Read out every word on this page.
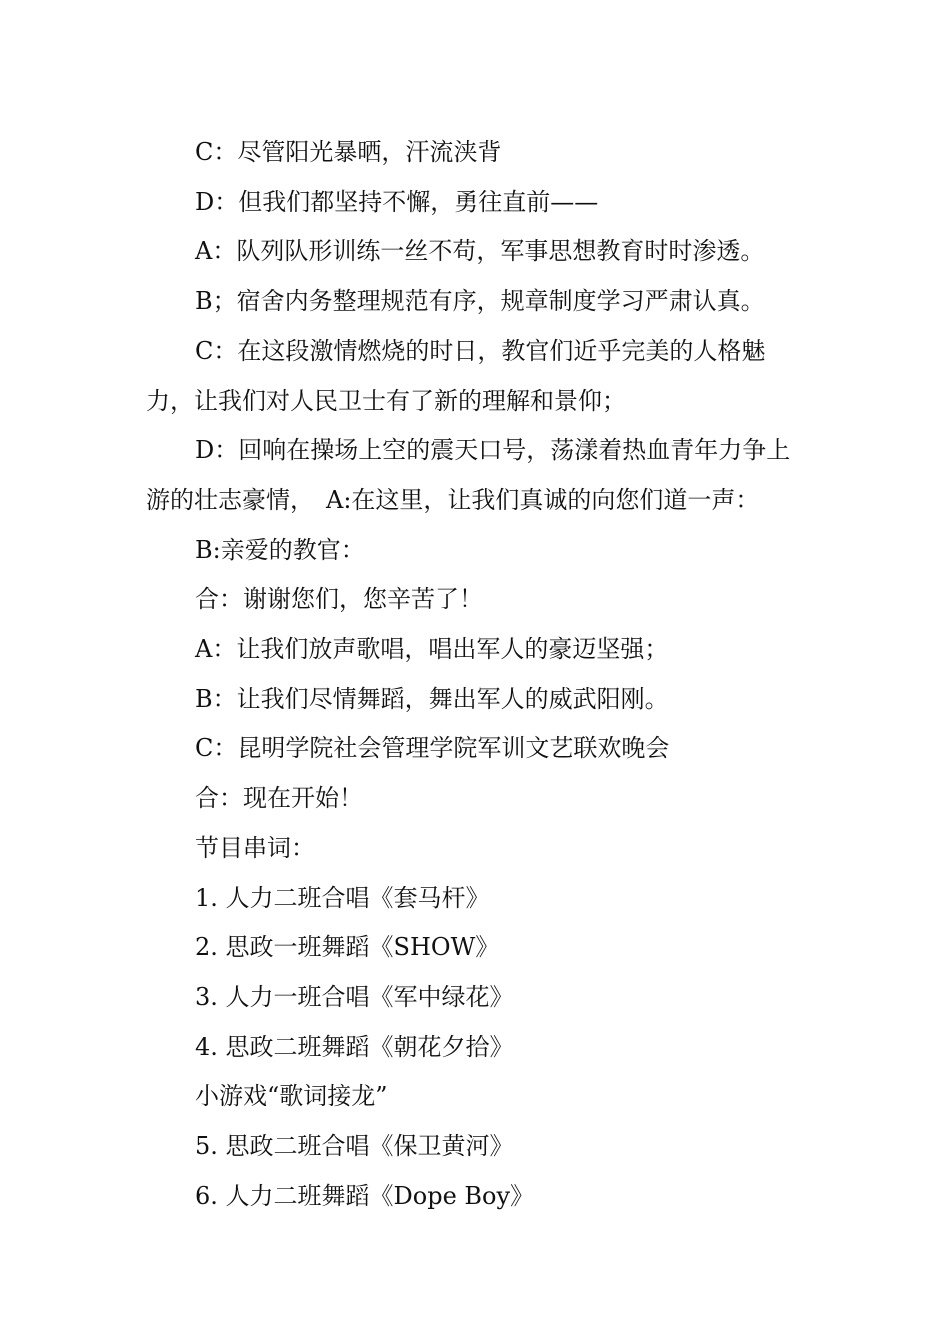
C：尽管阳光暴晒，汗流浃背

D：但我们都坚持不懈，勇往直前——

A：队列队形训练一丝不苟，军事思想教育时时渗透。

B；宿舍内务整理规范有序，规章制度学习严肃认真。

C：在这段激情燃烧的时日，教官们近乎完美的人格魅力，让我们对人民卫士有了新的理解和景仰；

D：回响在操场上空的震天口号，荡漾着热血青年力争上游的壮志豪情，　A:在这里，让我们真诚的向您们道一声：

B:亲爱的教官：

合：谢谢您们，您辛苦了！

A：让我们放声歌唱，唱出军人的豪迈坚强；

B：让我们尽情舞蹈，舞出军人的威武阳刚。

C：昆明学院社会管理学院军训文艺联欢晚会

合：现在开始！

节目串词：

1. 人力二班合唱《套马杆》

2. 思政一班舞蹈《SHOW》

3. 人力一班合唱《军中绿花》

4. 思政二班舞蹈《朝花夕拾》

小游戏“歌词接龙”

5. 思政二班合唱《保卫黄河》

6. 人力二班舞蹈《Dope Boy》
